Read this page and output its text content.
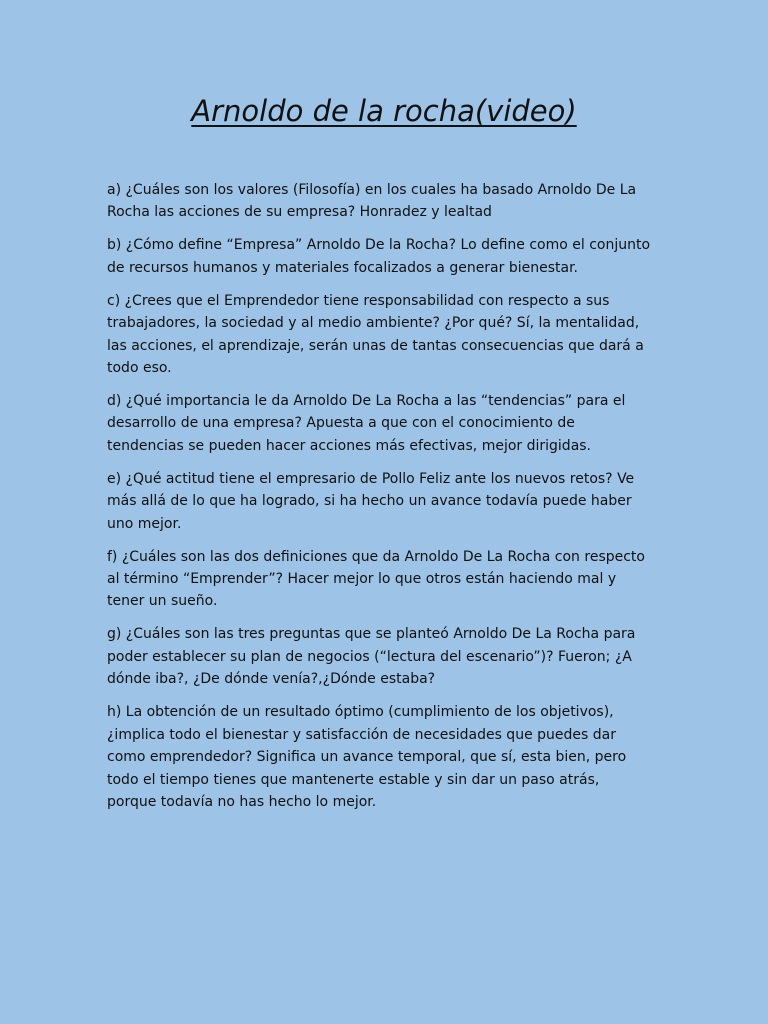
Arnoldo de la rocha(video)
a) ¿Cuáles son los valores (Filosofía) en los cuales ha basado Arnoldo De La Rocha las acciones de su empresa? Honradez y lealtad
b) ¿Cómo define “Empresa” Arnoldo De la Rocha? Lo define como el conjunto de recursos humanos y materiales focalizados a generar bienestar.
c) ¿Crees que el Emprendedor tiene responsabilidad con respecto a sus trabajadores, la sociedad y al medio ambiente? ¿Por qué? Sí, la mentalidad, las acciones, el aprendizaje, serán unas de tantas consecuencias que dará a todo eso.
d) ¿Qué importancia le da Arnoldo De La Rocha a las “tendencias” para el desarrollo de una empresa? Apuesta a que con el conocimiento de tendencias se pueden hacer acciones más efectivas, mejor dirigidas.
e) ¿Qué actitud tiene el empresario de Pollo Feliz ante los nuevos retos? Ve más allá de lo que ha logrado, si ha hecho un avance todavía puede haber uno mejor.
f) ¿Cuáles son las dos definiciones que da Arnoldo De La Rocha con respecto al término “Emprender”? Hacer mejor lo que otros están haciendo mal y tener un sueño.
g) ¿Cuáles son las tres preguntas que se planteó Arnoldo De La Rocha para poder establecer su plan de negocios (“lectura del escenario”)? Fueron; ¿A dónde iba?, ¿De dónde venía?,¿Dónde estaba?
h) La obtención de un resultado óptimo (cumplimiento de los objetivos), ¿implica todo el bienestar y satisfacción de necesidades que puedes dar como emprendedor? Significa un avance temporal, que sí, esta bien, pero todo el tiempo tienes que mantenerte estable y sin dar un paso atrás, porque todavía no has hecho lo mejor.
